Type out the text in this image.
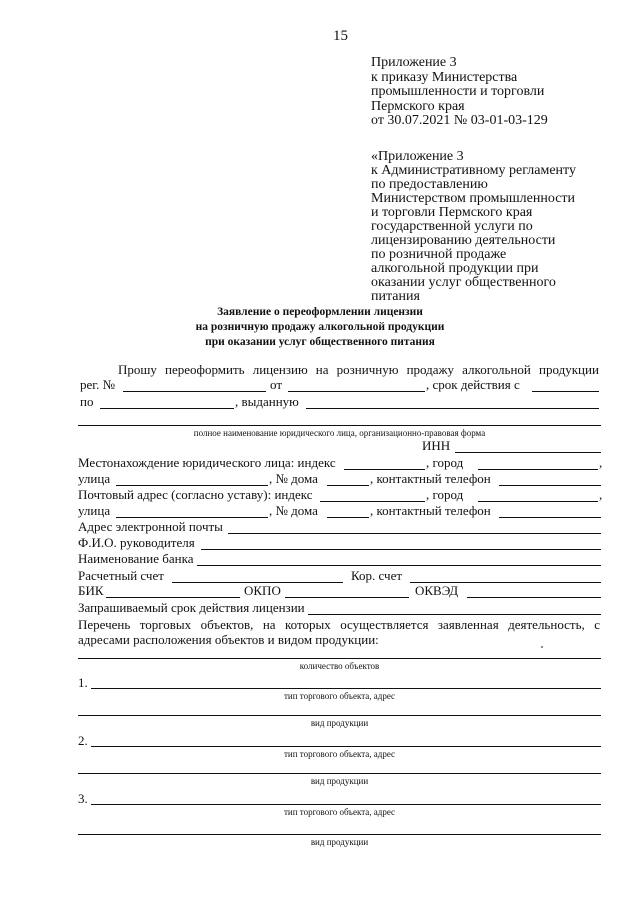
15
Приложение 3
к приказу Министерства
промышленности и торговли
Пермского края
от 30.07.2021 № 03-01-03-129
«Приложение 3
к Административному регламенту
по предоставлению
Министерством промышленности
и торговли Пермского края
государственной услуги по
лицензированию деятельности
по розничной продаже
алкогольной продукции при
оказании услуг общественного
питания
Заявление о переоформлении лицензии
на розничную продажу алкогольной продукции
при оказании услуг общественного питания
Прошу переоформить лицензию на розничную продажу алкогольной продукции
рег. №	от	, срок действия с
по	, выданную
полное наименование юридического лица, организационно-правовая форма
ИНН
Местонахождение юридического лица: индекс	, город	,
улица	, № дома	, контактный телефон
Почтовый адрес (согласно уставу): индекс	, город	,
улица	, № дома	, контактный телефон
Адрес электронной почты
Ф.И.О. руководителя
Наименование банка
Расчетный счет	Кор. счет
БИК	ОКПО	ОКВЭД
Запрашиваемый срок действия лицензии
Перечень торговых объектов, на которых осуществляется заявленная деятельность, с
адресами расположения объектов и видом продукции:
количество объектов
1.
тип торгового объекта, адрес
вид продукции
2.
тип торгового объекта, адрес
вид продукции
3.
тип торгового объекта, адрес
вид продукции
